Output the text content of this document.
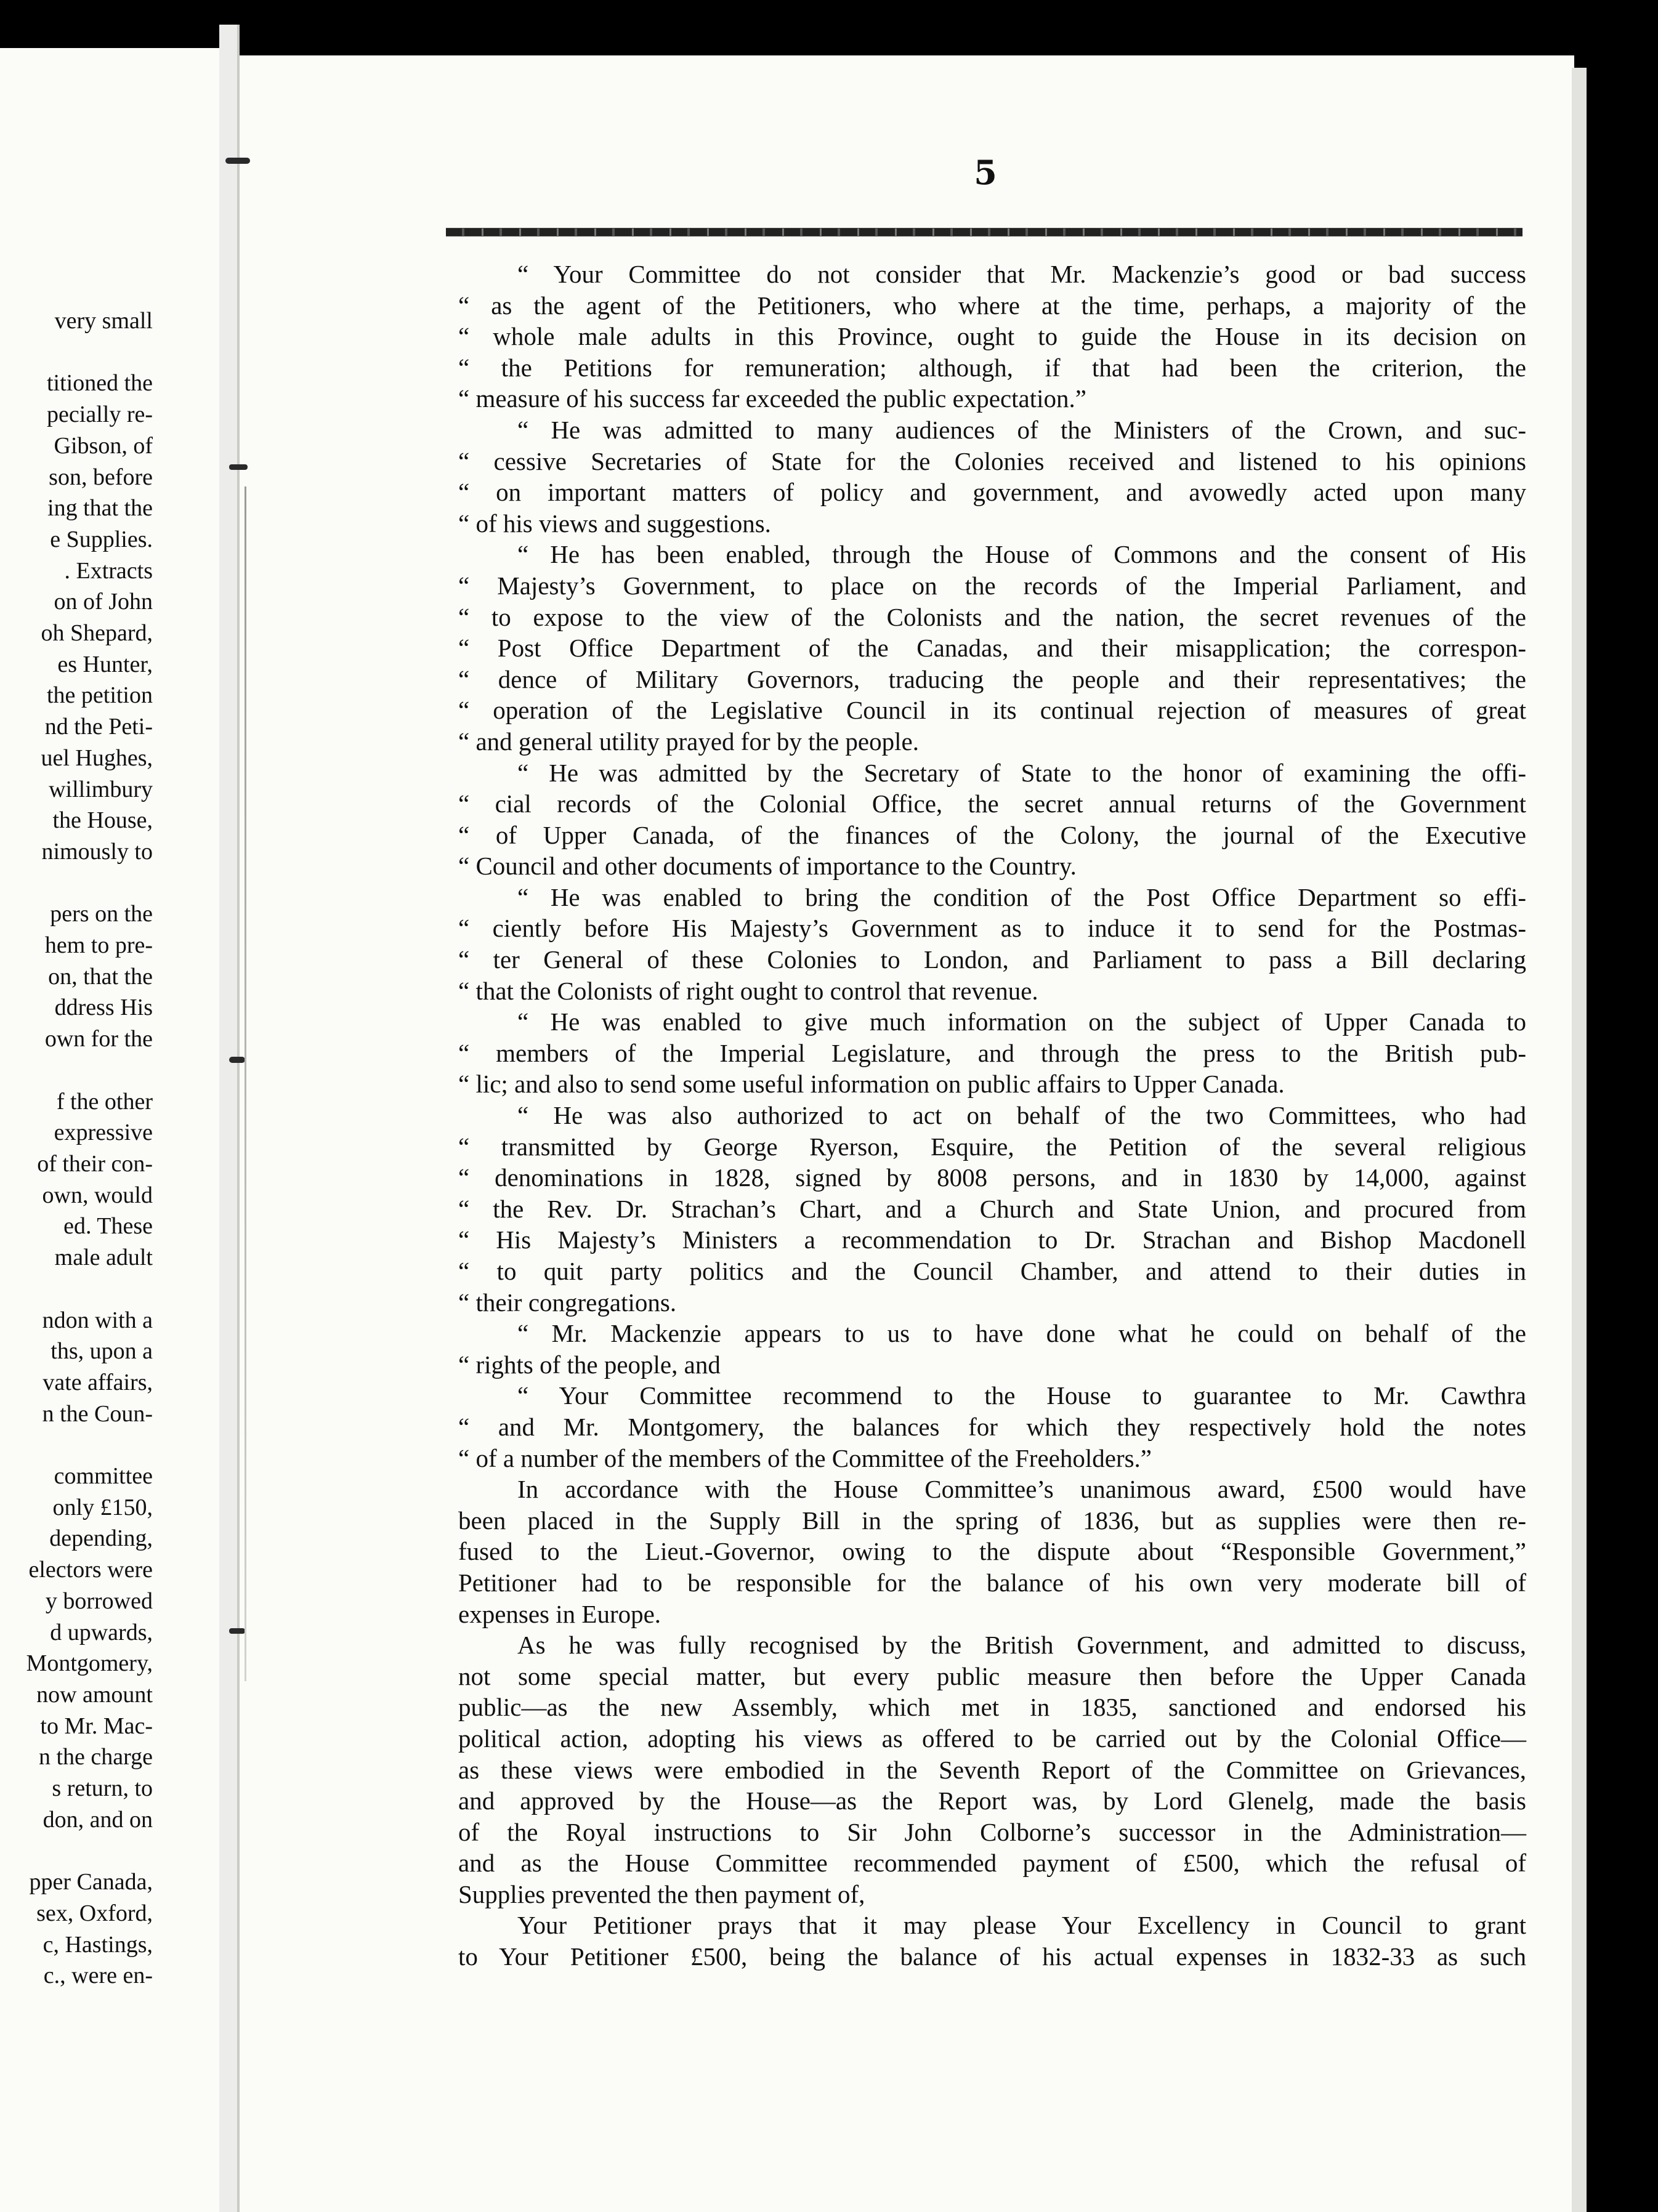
very small

titioned the
pecially re-
Gibson, of
son, before
ing that the
e Supplies.
. Extracts
on of John
oh Shepard,
es Hunter,
the petition
nd the Peti-
uel Hughes,
willimbury
the House,
nimously to

pers on the
hem to pre-
on, that the
ddress His
own for the

f the other
expressive
of their con-
own, would
ed. These
male adult

ndon with a
ths, upon a
vate affairs,
n the Coun-

committee
only £150,
depending,
electors were
y borrowed
d upwards,
Montgomery,
now amount
to Mr. Mac-
n the charge
s return, to
don, and on

pper Canada,
sex, Oxford,
c, Hastings,
c., were en-
5
“ Your Committee do not consider that Mr. Mackenzie’s good or bad success
“ as the agent of the Petitioners, who where at the time, perhaps, a majority of the
“ whole male adults in this Province, ought to guide the House in its decision on
“ the Petitions for remuneration; although, if that had been the criterion, the
“ measure of his success far exceeded the public expectation.”
“ He was admitted to many audiences of the Ministers of the Crown, and suc-
“ cessive Secretaries of State for the Colonies received and listened to his opinions
“ on important matters of policy and government, and avowedly acted upon many
“ of his views and suggestions.
“ He has been enabled, through the House of Commons and the consent of His
“ Majesty’s Government, to place on the records of the Imperial Parliament, and
“ to expose to the view of the Colonists and the nation, the secret revenues of the
“ Post Office Department of the Canadas, and their misapplication; the correspon-
“ dence of Military Governors, traducing the people and their representatives; the
“ operation of the Legislative Council in its continual rejection of measures of great
“ and general utility prayed for by the people.
“ He was admitted by the Secretary of State to the honor of examining the offi-
“ cial records of the Colonial Office, the secret annual returns of the Government
“ of Upper Canada, of the finances of the Colony, the journal of the Executive
“ Council and other documents of importance to the Country.
“ He was enabled to bring the condition of the Post Office Department so effi-
“ ciently before His Majesty’s Government as to induce it to send for the Postmas-
“ ter General of these Colonies to London, and Parliament to pass a Bill declaring
“ that the Colonists of right ought to control that revenue.
“ He was enabled to give much information on the subject of Upper Canada to
“ members of the Imperial Legislature, and through the press to the British pub-
“ lic; and also to send some useful information on public affairs to Upper Canada.
“ He was also authorized to act on behalf of the two Committees, who had
“ transmitted by George Ryerson, Esquire, the Petition of the several religious
“ denominations in 1828, signed by 8008 persons, and in 1830 by 14,000, against
“ the Rev. Dr. Strachan’s Chart, and a Church and State Union, and procured from
“ His Majesty’s Ministers a recommendation to Dr. Strachan and Bishop Macdonell
“ to quit party politics and the Council Chamber, and attend to their duties in
“ their congregations.
“ Mr. Mackenzie appears to us to have done what he could on behalf of the
“ rights of the people, and
“ Your Committee recommend to the House to guarantee to Mr. Cawthra
“ and Mr. Montgomery, the balances for which they respectively hold the notes
“ of a number of the members of the Committee of the Freeholders.”
In accordance with the House Committee’s unanimous award, £500 would have
been placed in the Supply Bill in the spring of 1836, but as supplies were then re-
fused to the Lieut.-Governor, owing to the dispute about “Responsible Government,”
Petitioner had to be responsible for the balance of his own very moderate bill of
expenses in Europe.
As he was fully recognised by the British Government, and admitted to discuss,
not some special matter, but every public measure then before the Upper Canada
public—as the new Assembly, which met in 1835, sanctioned and endorsed his
political action, adopting his views as offered to be carried out by the Colonial Office—
as these views were embodied in the Seventh Report of the Committee on Grievances,
and approved by the House—as the Report was, by Lord Glenelg, made the basis
of the Royal instructions to Sir John Colborne’s successor in the Administration—
and as the House Committee recommended payment of £500, which the refusal of
Supplies prevented the then payment of,
Your Petitioner prays that it may please Your Excellency in Council to grant
to Your Petitioner £500, being the balance of his actual expenses in 1832-33 as such
